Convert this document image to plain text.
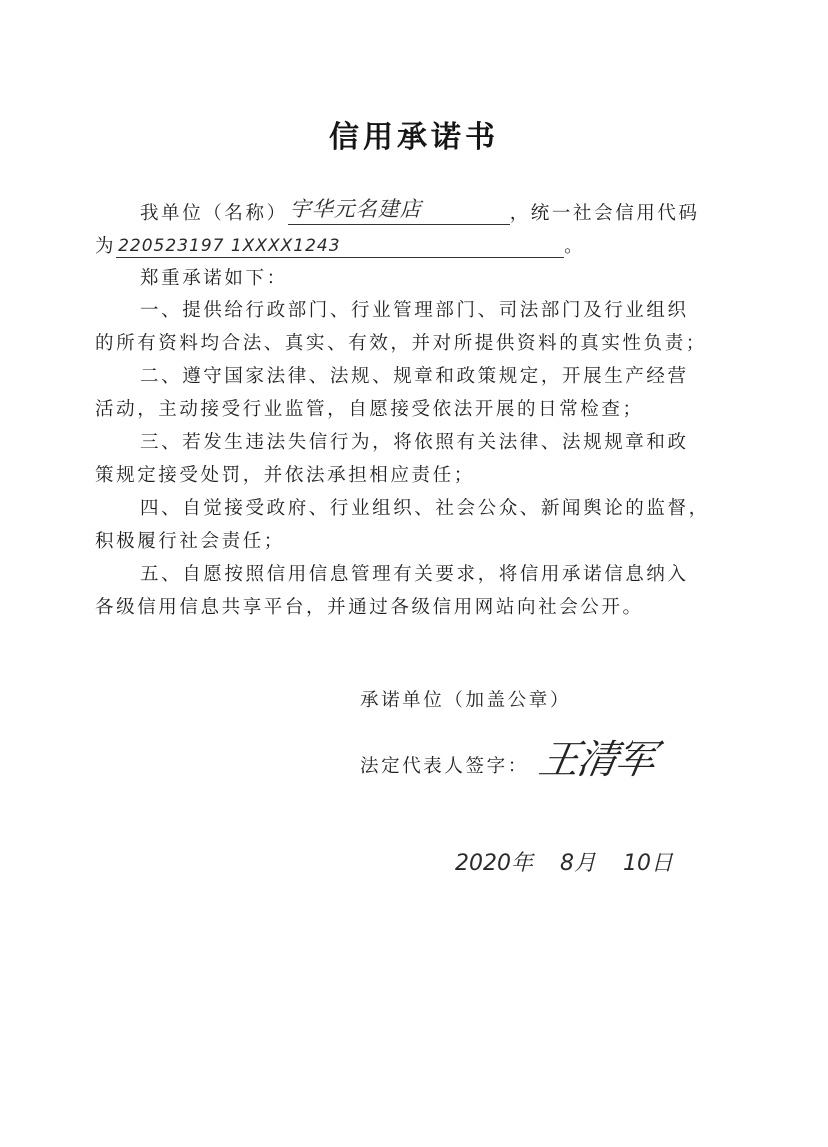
信用承诺书
我单位（名称） 宇华元名建店	，统一社会信用代码
为 220523197 1XXXX1243	。
郑重承诺如下：
一、提供给行政部门、行业管理部门、司法部门及行业组织
的所有资料均合法、真实、有效，并对所提供资料的真实性负责；
二、遵守国家法律、法规、规章和政策规定，开展生产经营
活动，主动接受行业监管，自愿接受依法开展的日常检查；
三、若发生违法失信行为，将依照有关法律、法规规章和政
策规定接受处罚，并依法承担相应责任；
四、自觉接受政府、行业组织、社会公众、新闻舆论的监督，
积极履行社会责任；
五、自愿按照信用信息管理有关要求，将信用承诺信息纳入
各级信用信息共享平台，并通过各级信用网站向社会公开。
承诺单位（加盖公章）
法定代表人签字： 王清军
2020年 8月 10日
